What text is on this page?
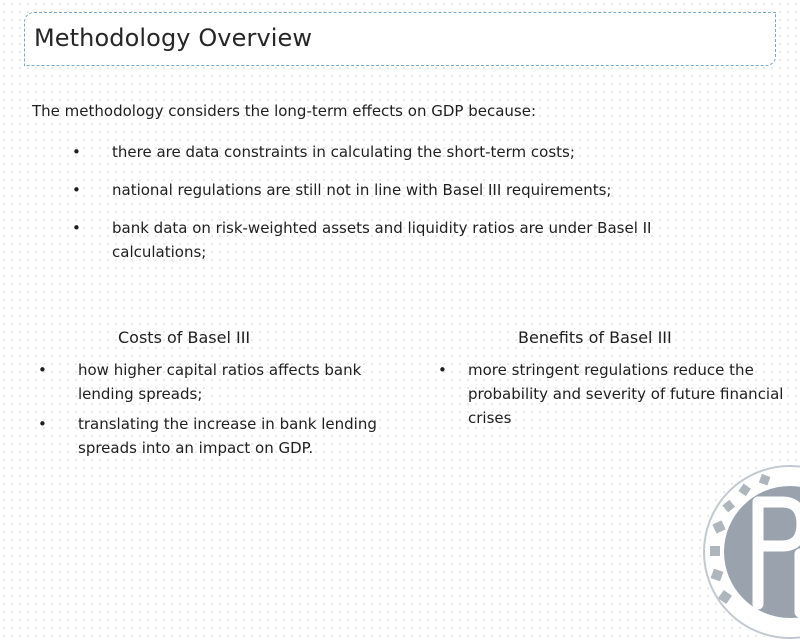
Methodology Overview
The methodology considers the long-term effects on GDP because:
• there are data constraints in calculating the short-term costs;
• national regulations are still not in line with Basel III requirements;
• bank data on risk-weighted assets and liquidity ratios are under Basel II calculations;
Costs of Basel III
• how higher capital ratios affects bank lending spreads;
• translating the increase in bank lending spreads into an impact on GDP.
Benefits of Basel III
• more stringent regulations reduce the probability and severity of future financial crises
